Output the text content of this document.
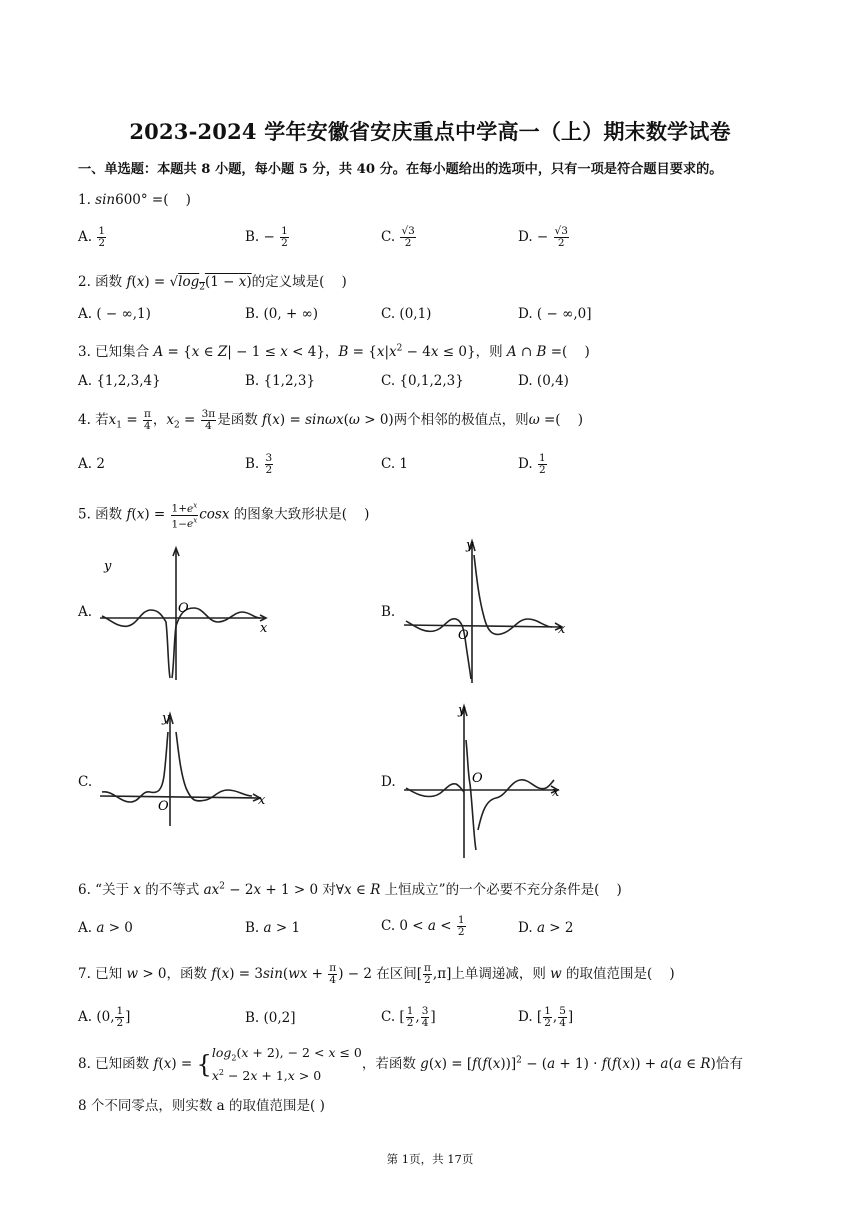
2023-2024 学年安徽省安庆重点中学高一（上）期末数学试卷
一、单选题：本题共 8 小题，每小题 5 分，共 40 分。在每小题给出的选项中，只有一项是符合题目要求的。
1. sin600° =(    )
A. $\frac{1}{2}$	B. − $\frac{1}{2}$	C. $\frac{√3}{2}$	D. − $\frac{√3}{2}$
2. 函数 $f(x) = √\log_2(1 - x)$的定义域是(    )
A. ( − ∞,1)	B. (0, + ∞)	C. (0,1)	D. ( − ∞,0]
3. 已知集合 A = {x ∈ Z| − 1 ≤ x < 4}，$B = \{x|x^2 - 4x \le 0\}$，则 A ∩ B =(    )
A. {1,2,3,4}	B. {1,2,3}	C. {0,1,2,3}	D. (0,4)
4. 若$x_1 = \frac{\pi}{4}$ ，$x_2 = \frac{3\pi}{4}$ 是函数 f(x) = sinωx(ω > 0)两个相邻的极值点，则ω =(    )
A. 2	B. $\frac{3}{2}$	C. 1	D. $\frac{1}{2}$
5. 函数 $f(x) = \frac{1+e^x}{1-e^x}$ cosx 的图象大致形状是(    )
A.
y
O
x
B.
y
O	x
C.
y
O	x
D.
y
O
x
6. “关于 x 的不等式 $ax^2 - 2x + 1 > 0$ 对∀x ∈ R 上恒成立”的一个必要不充分条件是(    )
A. a > 0	B. a > 1	C. $0 < a < \frac{1}{2}$	D. a > 2
7. 已知 w > 0，函数 $f(x) = 3\sin(wx + \frac{\pi}{4}$ ) − 2 在区间[ $\frac{\pi}{2} ,\pi$]上单调递减，则 w 的取值范围是(    )
A. (0, $\frac{1}{2}$ ]	B. (0,2]	C. [ $\frac{1}{2}$ , $\frac{3}{4}$ ]	D. [ $\frac{1}{2}$ , $\frac{5}{4}$ ]
8. 已知函数 $f(x) = \{\log_2(x + 2)$, − 2 < x ≤ 0
$x^2 - 2x + 1,x > 0$，若函数 $g(x) = [f(f(x))]^2 - (a + 1) \cdot f(f(x)) + a(a$ ∈ R)恰有
8 个不同零点，则实数 a 的取值范围是( )
第 1页，共 17页
